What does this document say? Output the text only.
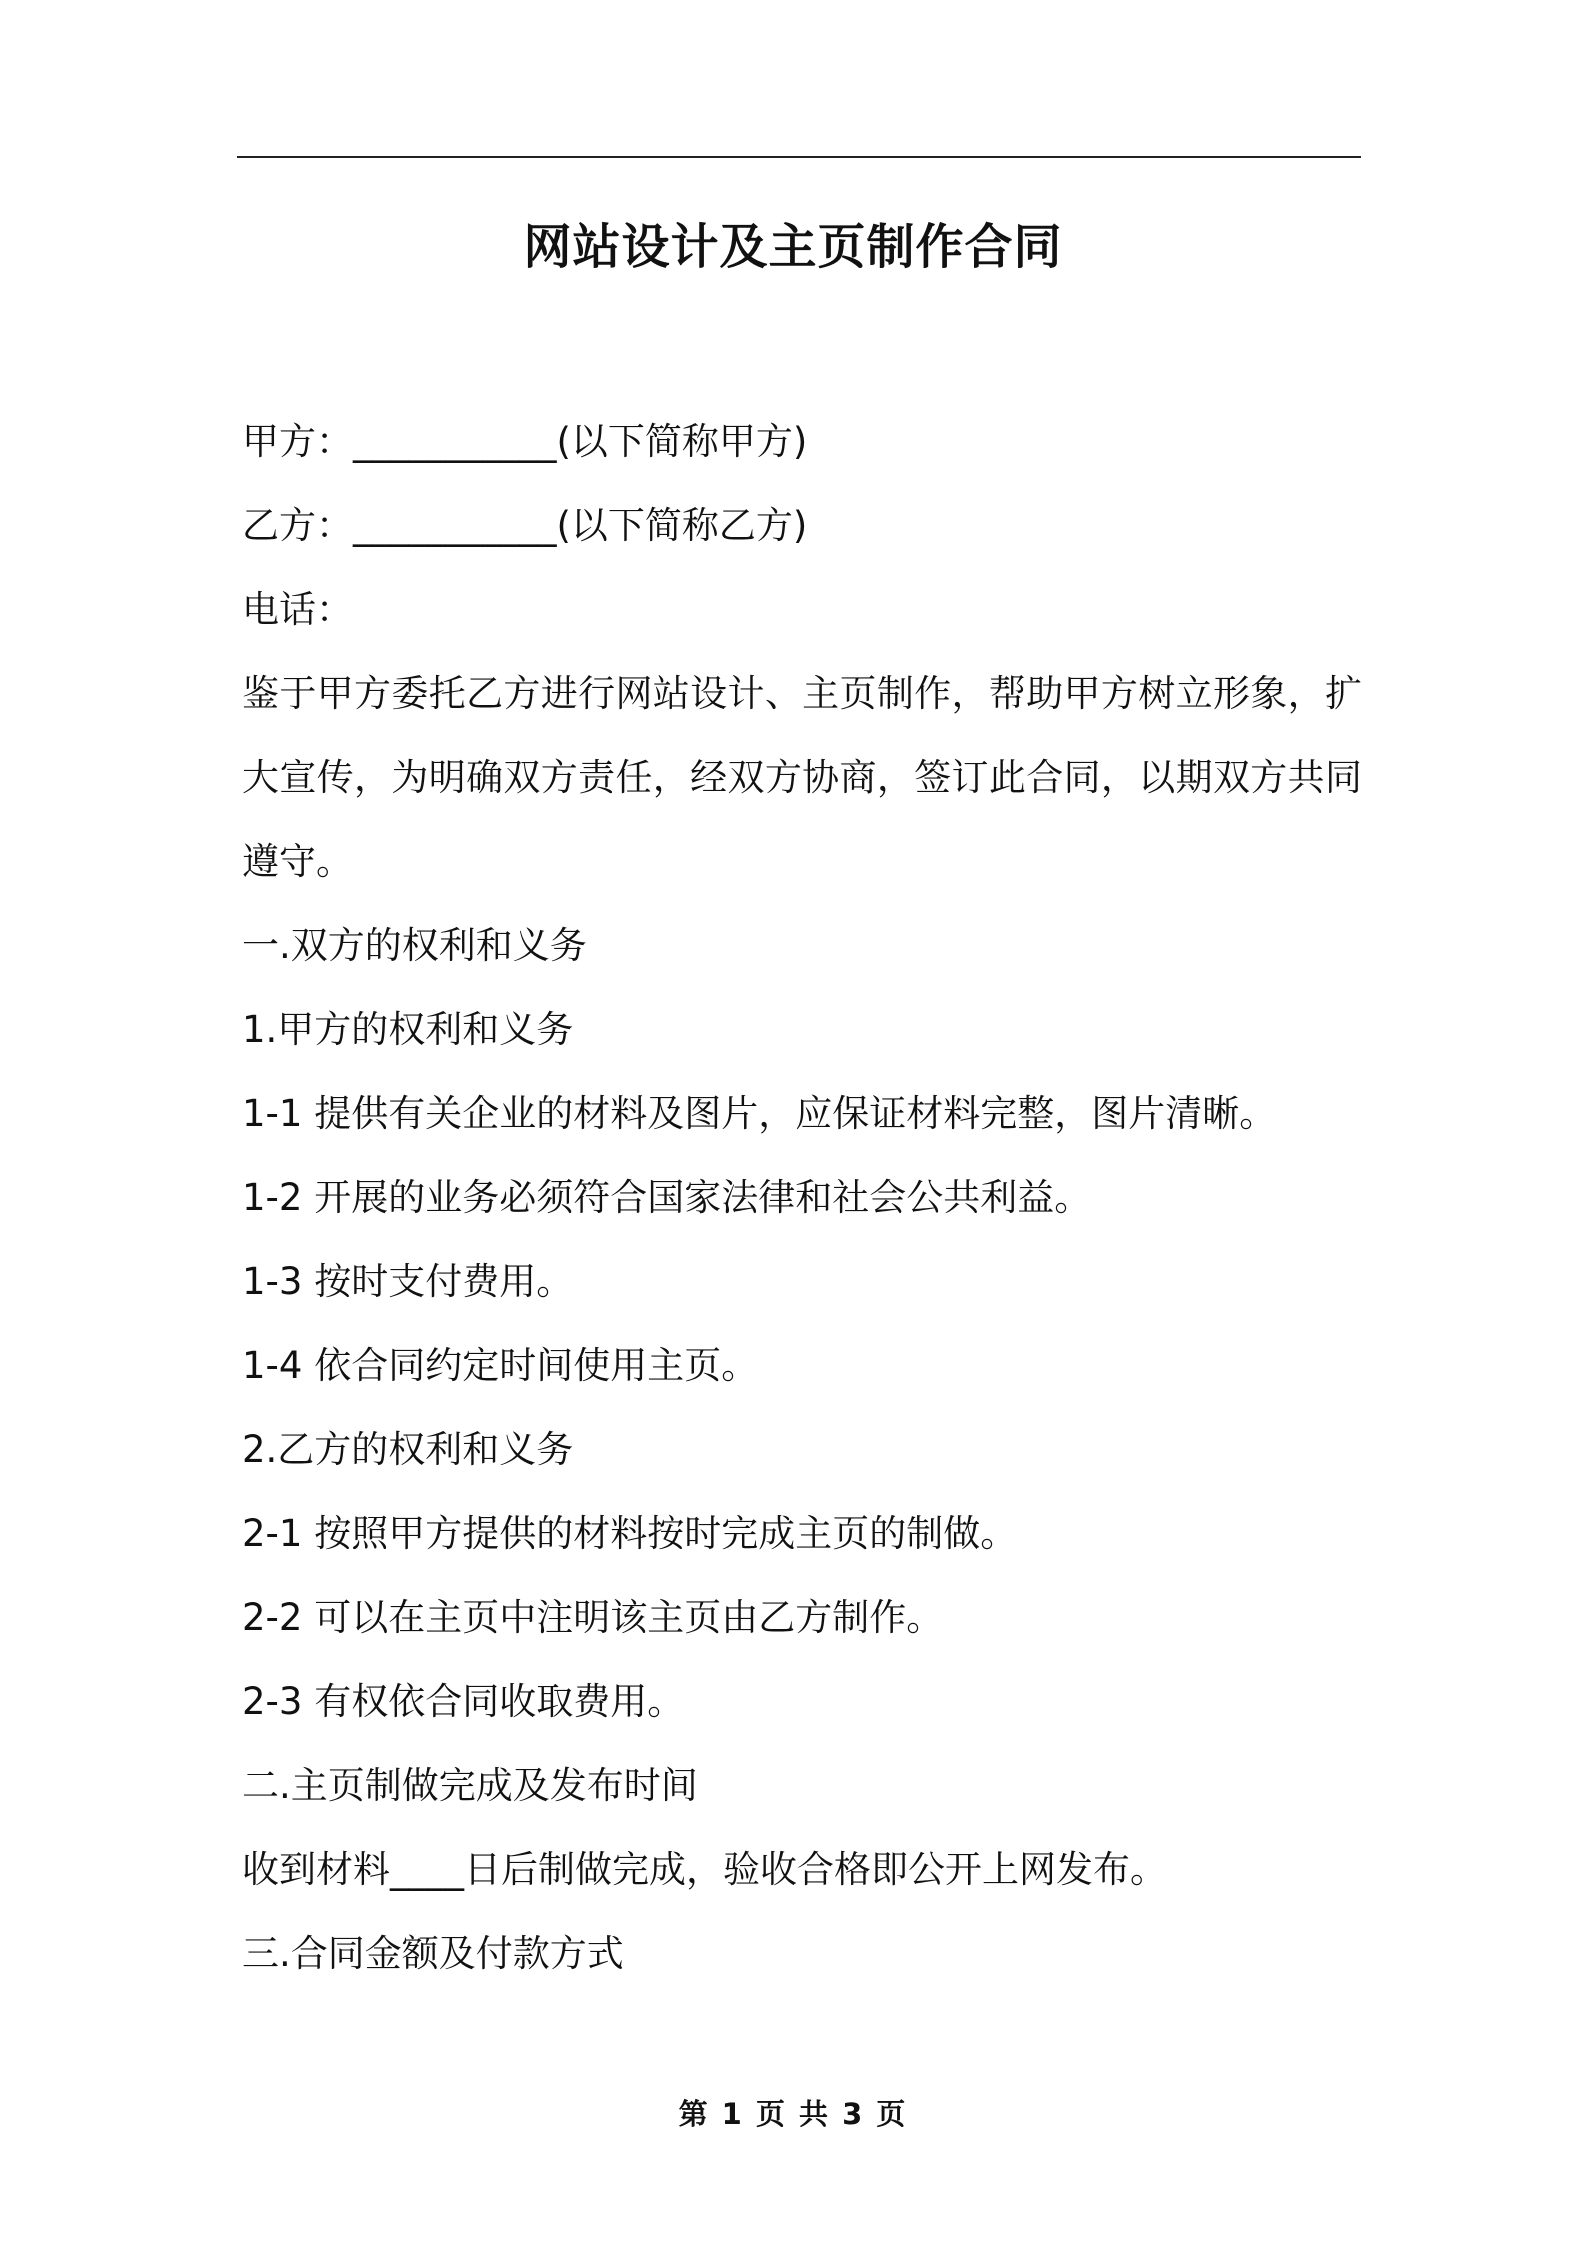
网站设计及主页制作合同
甲方：___________(以下简称甲方)
乙方：___________(以下简称乙方)
电话：
鉴于甲方委托乙方进行网站设计、主页制作，帮助甲方树立形象，扩大宣传，为明确双方责任，经双方协商，签订此合同，以期双方共同遵守。
一.双方的权利和义务
1.甲方的权利和义务
1-1 提供有关企业的材料及图片，应保证材料完整，图片清晰。
1-2 开展的业务必须符合国家法律和社会公共利益。
1-3 按时支付费用。
1-4 依合同约定时间使用主页。
2.乙方的权利和义务
2-1 按照甲方提供的材料按时完成主页的制做。
2-2 可以在主页中注明该主页由乙方制作。
2-3 有权依合同收取费用。
二.主页制做完成及发布时间
收到材料____日后制做完成，验收合格即公开上网发布。
三.合同金额及付款方式
第 1 页 共 3 页
